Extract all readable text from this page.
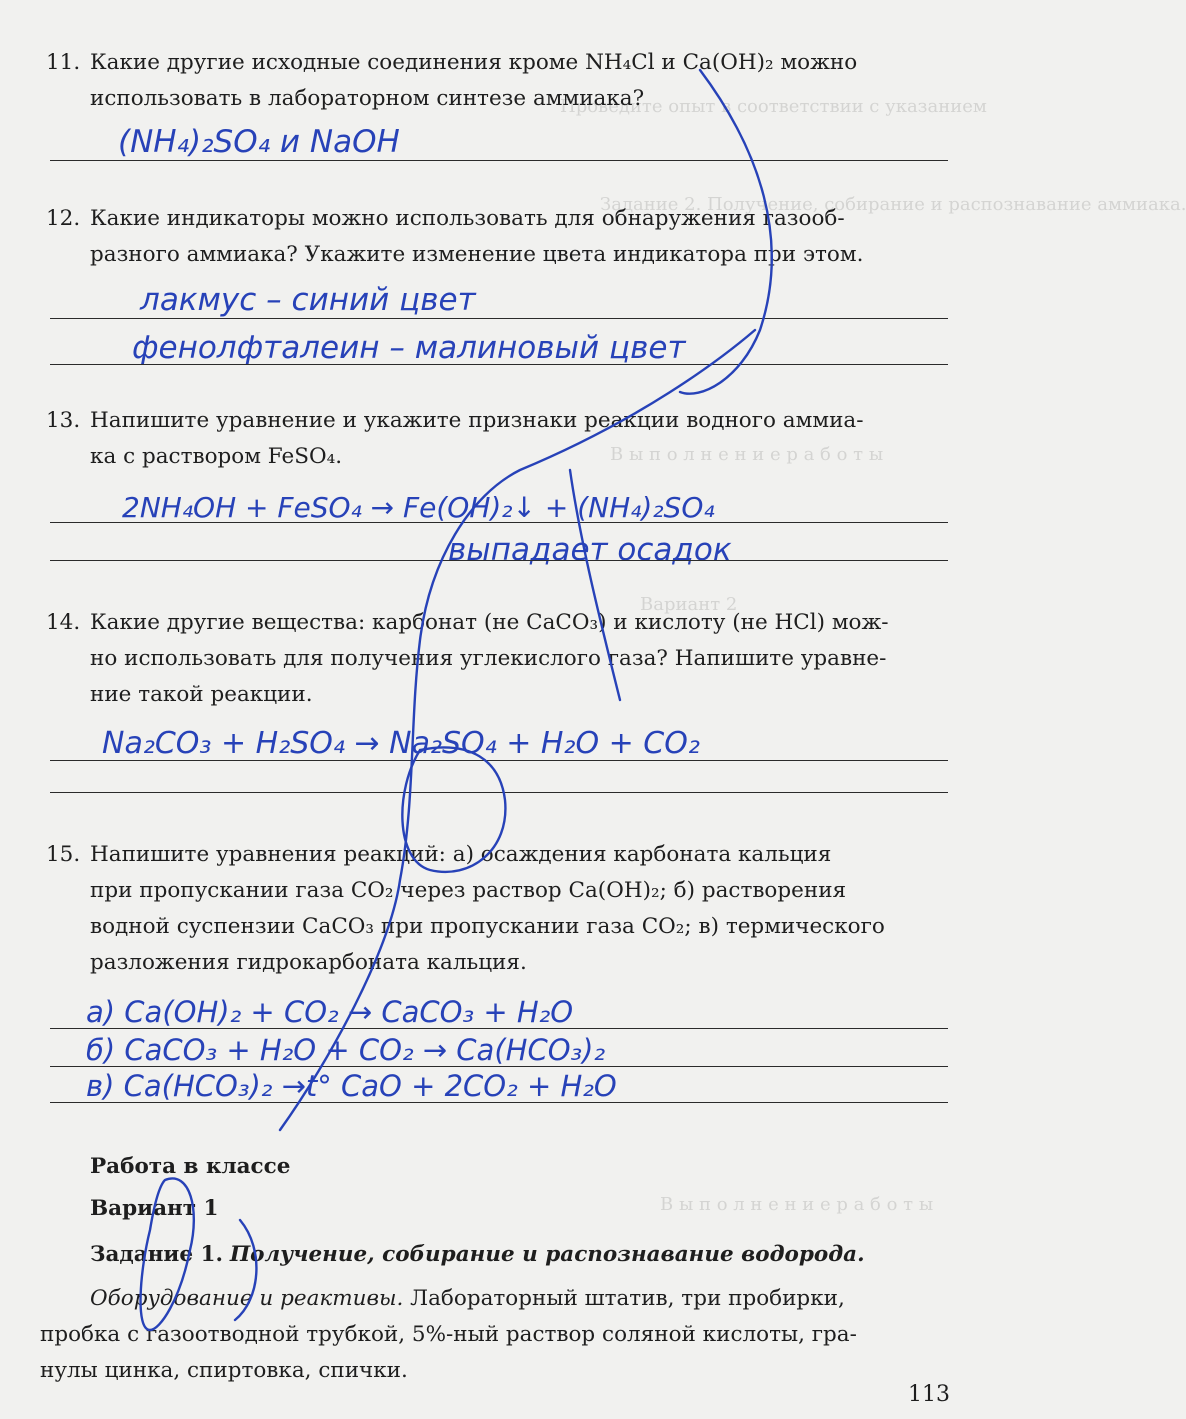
Проведите опыт в соответствии с указанием
Задание 2. Получение, собирание и распознавание аммиака.
В ы п о л н е н и е р а б о т ы
Вариант 2
В ы п о л н е н и е р а б о т ы
11. Какие другие исходные соединения кроме NH₄Cl и Ca(OH)₂ можно
использовать в лабораторном синтезе аммиака?
(NH₄)₂SO₄ и NaOH
12. Какие индикаторы можно использовать для обнаружения газооб-
разного аммиака? Укажите изменение цвета индикатора при этом.
лакмус – синий цвет
фенолфталеин – малиновый цвет
13. Напишите уравнение и укажите признаки реакции водного аммиа-
ка с раствором FeSO₄.
2NH₄OH + FeSO₄ → Fe(OH)₂↓ + (NH₄)₂SO₄
выпадает осадок
14. Какие другие вещества: карбонат (не CaCO₃) и кислоту (не HCl) мож-
но использовать для получения углекислого газа? Напишите уравне-
ние такой реакции.
Na₂CO₃ + H₂SO₄ → Na₂SO₄ + H₂O + CO₂
15. Напишите уравнения реакций: а) осаждения карбоната кальция
при пропускании газа CO₂ через раствор Ca(OH)₂; б) растворения
водной суспензии CaCO₃ при пропускании газа CO₂; в) термического
разложения гидрокарбоната кальция.
а) Ca(OH)₂ + CO₂ → CaCO₃ + H₂O
б) CaCO₃ + H₂O + CO₂ → Ca(HCO₃)₂
в) Ca(HCO₃)₂ →t° CaO + 2CO₂ + H₂O
Работа в классе
Вариант 1
Задание 1. Получение, собирание и распознавание водорода.
Оборудование и реактивы. Лабораторный штатив, три пробирки,
пробка с газоотводной трубкой, 5%-ный раствор соляной кислоты, гра-
нулы цинка, спиртовка, спички.
113
